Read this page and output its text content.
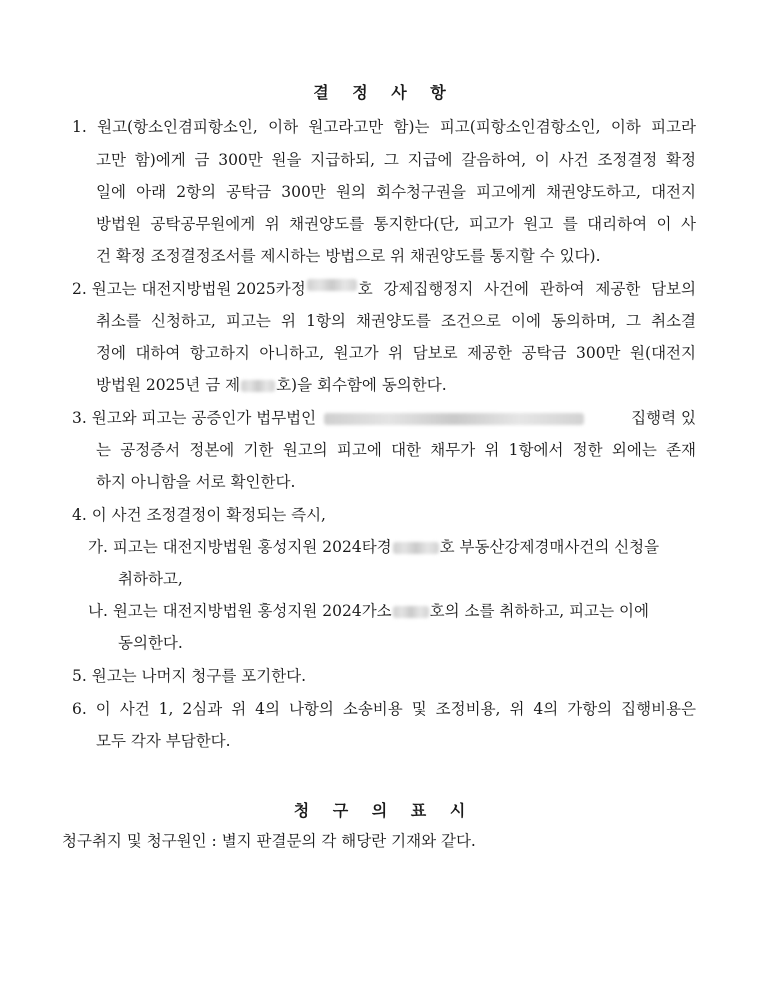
결 정 사 항
1. 원고(항소인겸피항소인, 이하 원고라고만 함)는 피고(피항소인겸항소인, 이하 피고라
고만 함)에게 금 300만 원을 지급하되, 그 지급에 갈음하여, 이 사건 조정결정 확정
일에 아래 2항의 공탁금 300만 원의 회수청구권을 피고에게 채권양도하고, 대전지
방법원 공탁공무원에게 위 채권양도를 통지한다(단, 피고가 원고 를 대리하여 이 사
건 확정 조정결정조서를 제시하는 방법으로 위 채권양도를 통지할 수 있다).
2. 원고는 대전지방법원 2025카정	호 강제집행정지 사건에 관하여 제공한 담보의
취소를 신청하고, 피고는 위 1항의 채권양도를 조건으로 이에 동의하며, 그 취소결
정에 대하여 항고하지 아니하고, 원고가 위 담보로 제공한 공탁금 300만 원(대전지
방법원 2025년 금 제 호)을 회수함에 동의한다.
3. 원고와 피고는 공증인가 법무법인	집행력 있
는 공정증서 정본에 기한 원고의 피고에 대한 채무가 위 1항에서 정한 외에는 존재
하지 아니함을 서로 확인한다.
4. 이 사건 조정결정이 확정되는 즉시,
가. 피고는 대전지방법원 홍성지원 2024타경	호 부동산강제경매사건의 신청을
취하하고,
나. 원고는 대전지방법원 홍성지원 2024가소 호의 소를 취하하고, 피고는 이에
동의한다.
5. 원고는 나머지 청구를 포기한다.
6. 이 사건 1, 2심과 위 4의 나항의 소송비용 및 조정비용, 위 4의 가항의 집행비용은
모두 각자 부담한다.
청 구 의 표 시
청구취지 및 청구원인 : 별지 판결문의 각 해당란 기재와 같다.
